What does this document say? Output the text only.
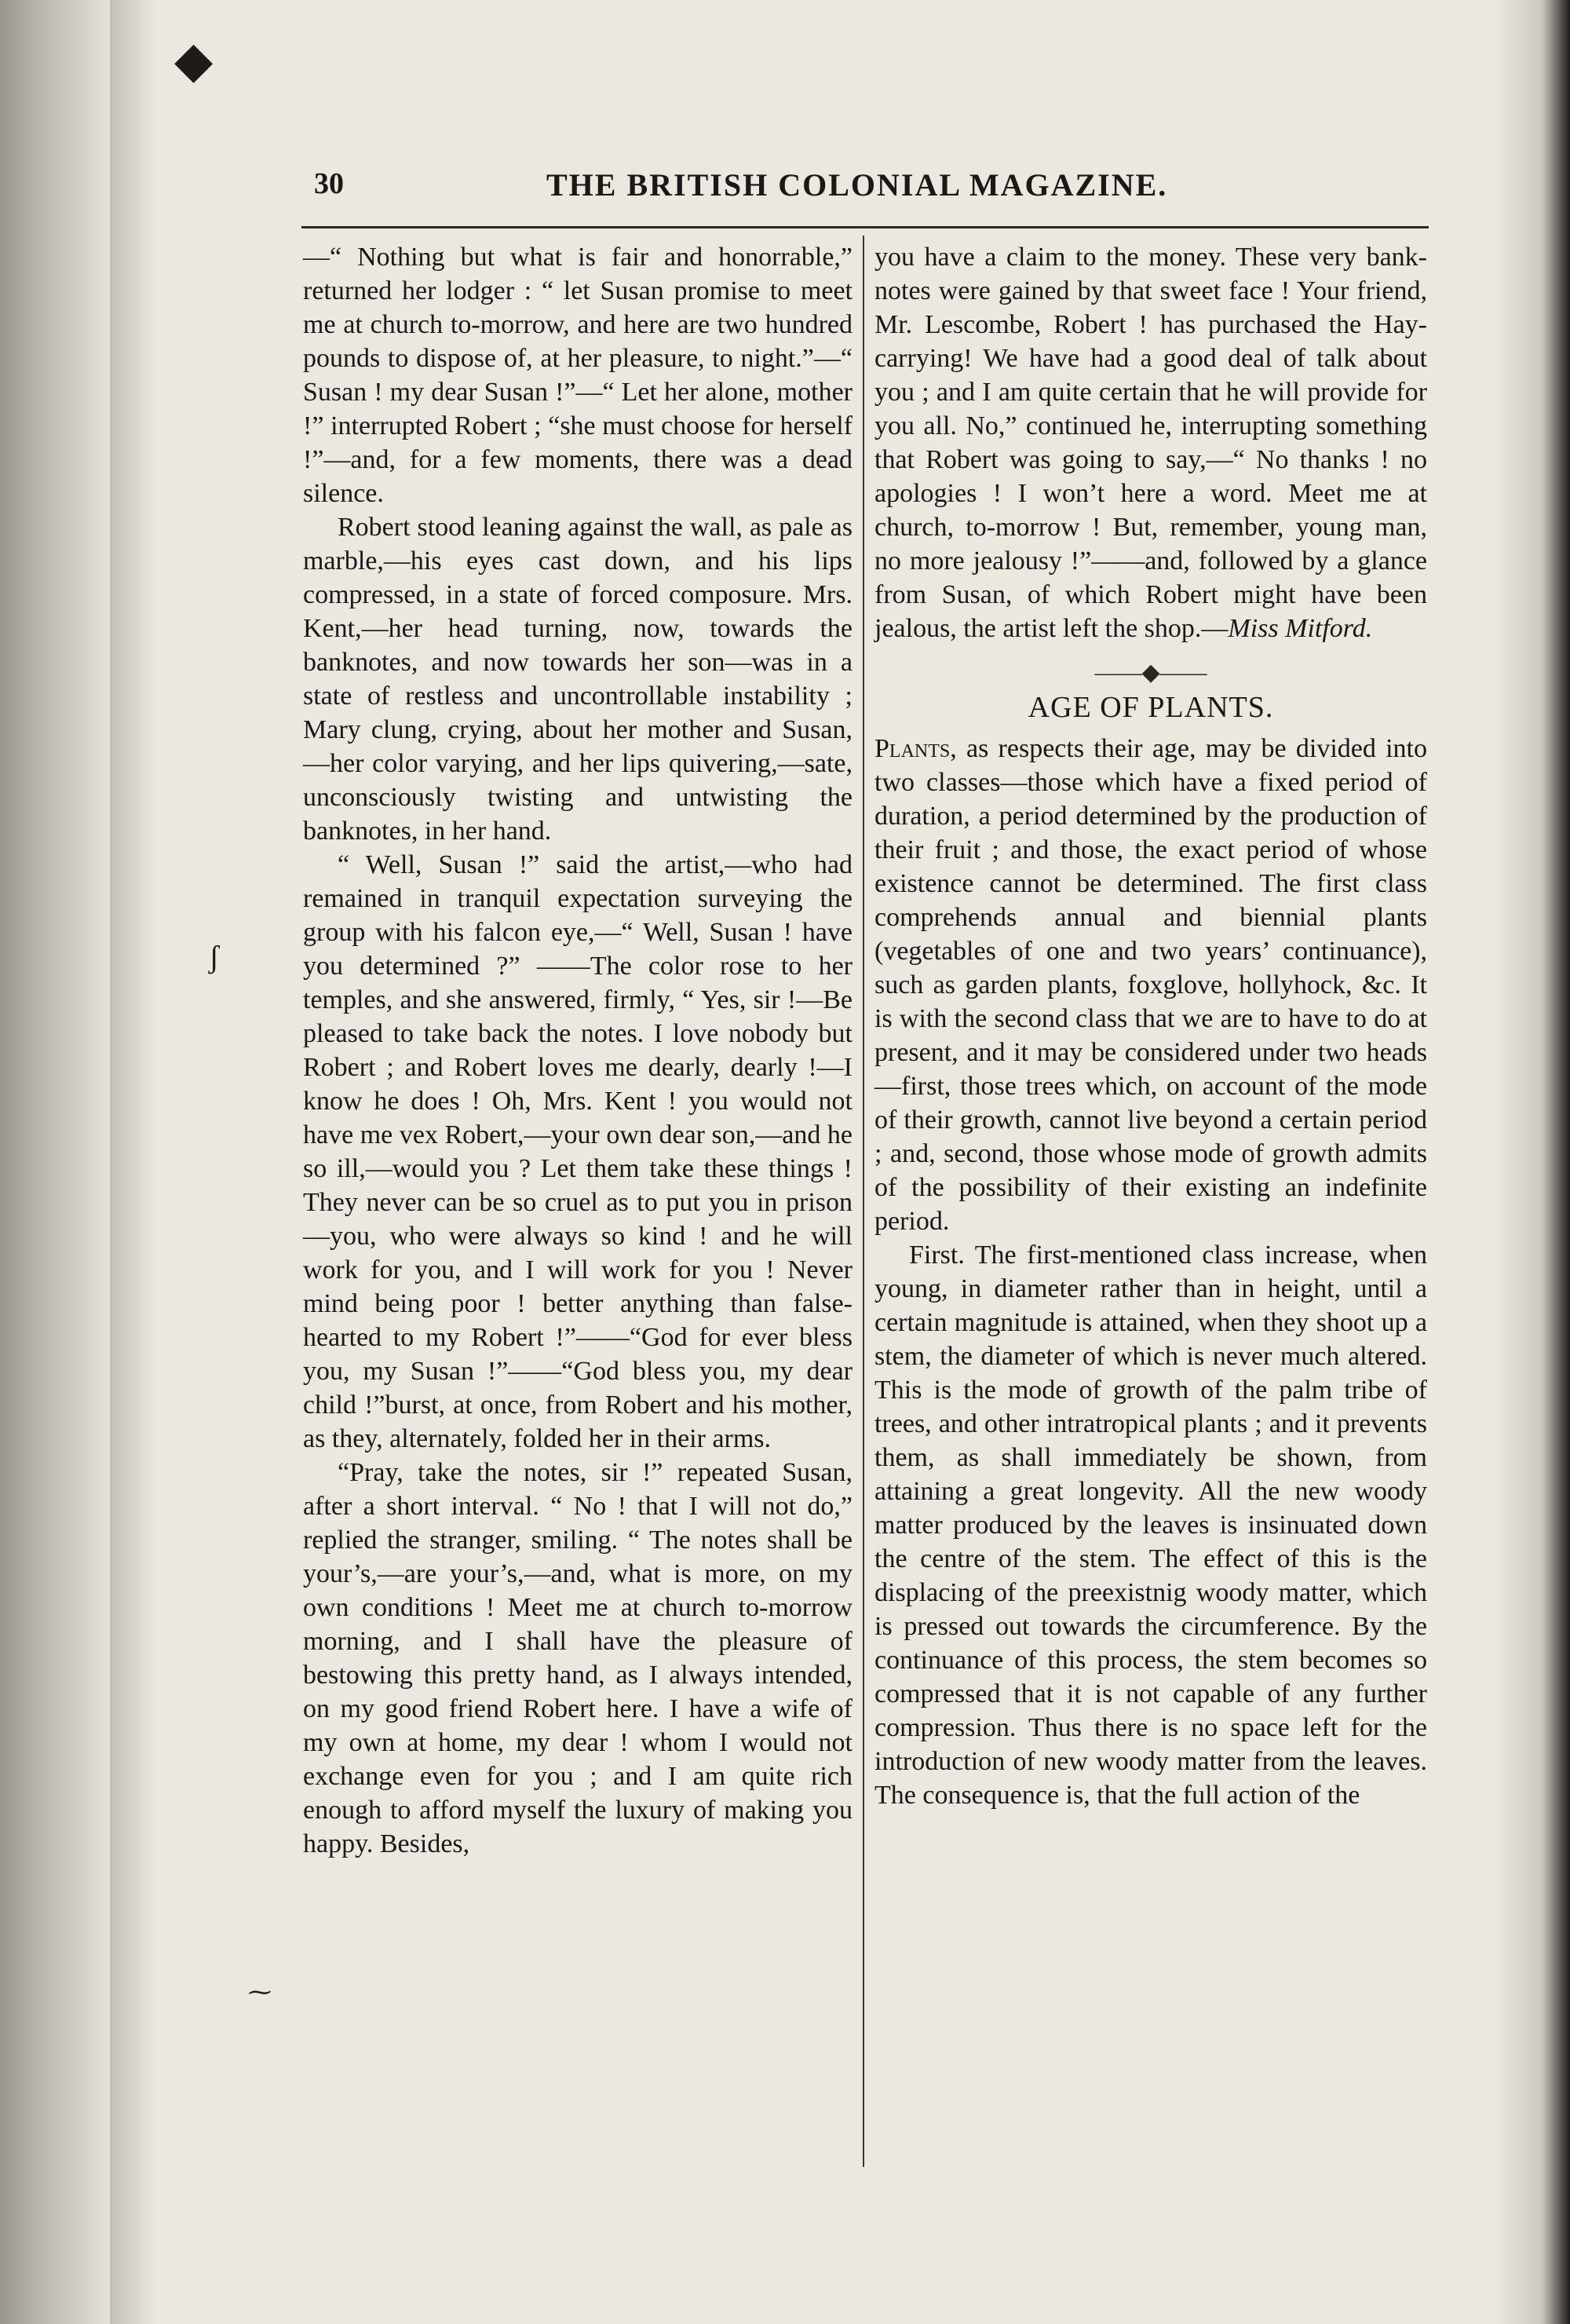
◆
ʃ
⁓
30	THE BRITISH COLONIAL MAGAZINE.

—“ Nothing but what is fair and honorrable,” returned her lodger : “ let Susan promise to meet me at church to-morrow, and here are two hundred pounds to dispose of, at her pleasure, to night.”—“ Susan ! my dear Susan !”—“ Let her alone, mother !” interrupted Robert ; “she must choose for herself !”—and, for a few moments, there was a dead silence.

Robert stood leaning against the wall, as pale as marble,—his eyes cast down, and his lips compressed, in a state of forced composure. Mrs. Kent,—her head turning, now, towards the banknotes, and now towards her son—was in a state of restless and uncontrollable instability ; Mary clung, crying, about her mother and Susan,—her color varying, and her lips quivering,—sate, unconsciously twisting and untwisting the banknotes, in her hand.

“ Well, Susan !” said the artist,—who had remained in tranquil expectation surveying the group with his falcon eye,—“ Well, Susan ! have you determined ?” ——The color rose to her temples, and she answered, firmly, “ Yes, sir !—Be pleased to take back the notes. I love nobody but Robert ; and Robert loves me dearly, dearly !—I know he does ! Oh, Mrs. Kent ! you would not have me vex Robert,—your own dear son,—and he so ill,—would you ? Let them take these things ! They never can be so cruel as to put you in prison—you, who were always so kind ! and he will work for you, and I will work for you ! Never mind being poor ! better anything than false-hearted to my Robert !”——“God for ever bless you, my Susan !”——“God bless you, my dear child !”burst, at once, from Robert and his mother, as they, alternately, folded her in their arms.

“Pray, take the notes, sir !” repeated Susan, after a short interval. “ No ! that I will not do,” replied the stranger, smiling. “ The notes shall be your’s,—are your’s,—and, what is more, on my own conditions ! Meet me at church to-morrow morning, and I shall have the pleasure of bestowing this pretty hand, as I always intended, on my good friend Robert here. I have a wife of my own at home, my dear ! whom I would not exchange even for you ; and I am quite rich enough to afford myself the luxury of making you happy. Besides,

you have a claim to the money. These very bank-notes were gained by that sweet face ! Your friend, Mr. Lescombe, Robert ! has purchased the Hay-carrying! We have had a good deal of talk about you ; and I am quite certain that he will provide for you all. No,” continued he, interrupting something that Robert was going to say,—“ No thanks ! no apologies ! I won’t here a word. Meet me at church, to-morrow ! But, remember, young man, no more jealousy !”——and, followed by a glance from Susan, of which Robert might have been jealous, the artist left the shop.—Miss Mitford.

——◆——
AGE OF PLANTS.

Plants, as respects their age, may be divided into two classes—those which have a fixed period of duration, a period determined by the production of their fruit ; and those, the exact period of whose existence cannot be determined. The first class comprehends annual and biennial plants (vegetables of one and two years’ continuance), such as garden plants, foxglove, hollyhock, &c. It is with the second class that we are to have to do at present, and it may be considered under two heads—first, those trees which, on account of the mode of their growth, cannot live beyond a certain period ; and, second, those whose mode of growth admits of the possibility of their existing an indefinite period.

First. The first-mentioned class increase, when young, in diameter rather than in height, until a certain magnitude is attained, when they shoot up a stem, the diameter of which is never much altered. This is the mode of growth of the palm tribe of trees, and other intratropical plants ; and it prevents them, as shall immediately be shown, from attaining a great longevity. All the new woody matter produced by the leaves is insinuated down the centre of the stem. The effect of this is the displacing of the preexistnig woody matter, which is pressed out towards the circumference. By the continuance of this process, the stem becomes so compressed that it is not capable of any further compression. Thus there is no space left for the introduction of new woody matter from the leaves. The consequence is, that the full action of the
